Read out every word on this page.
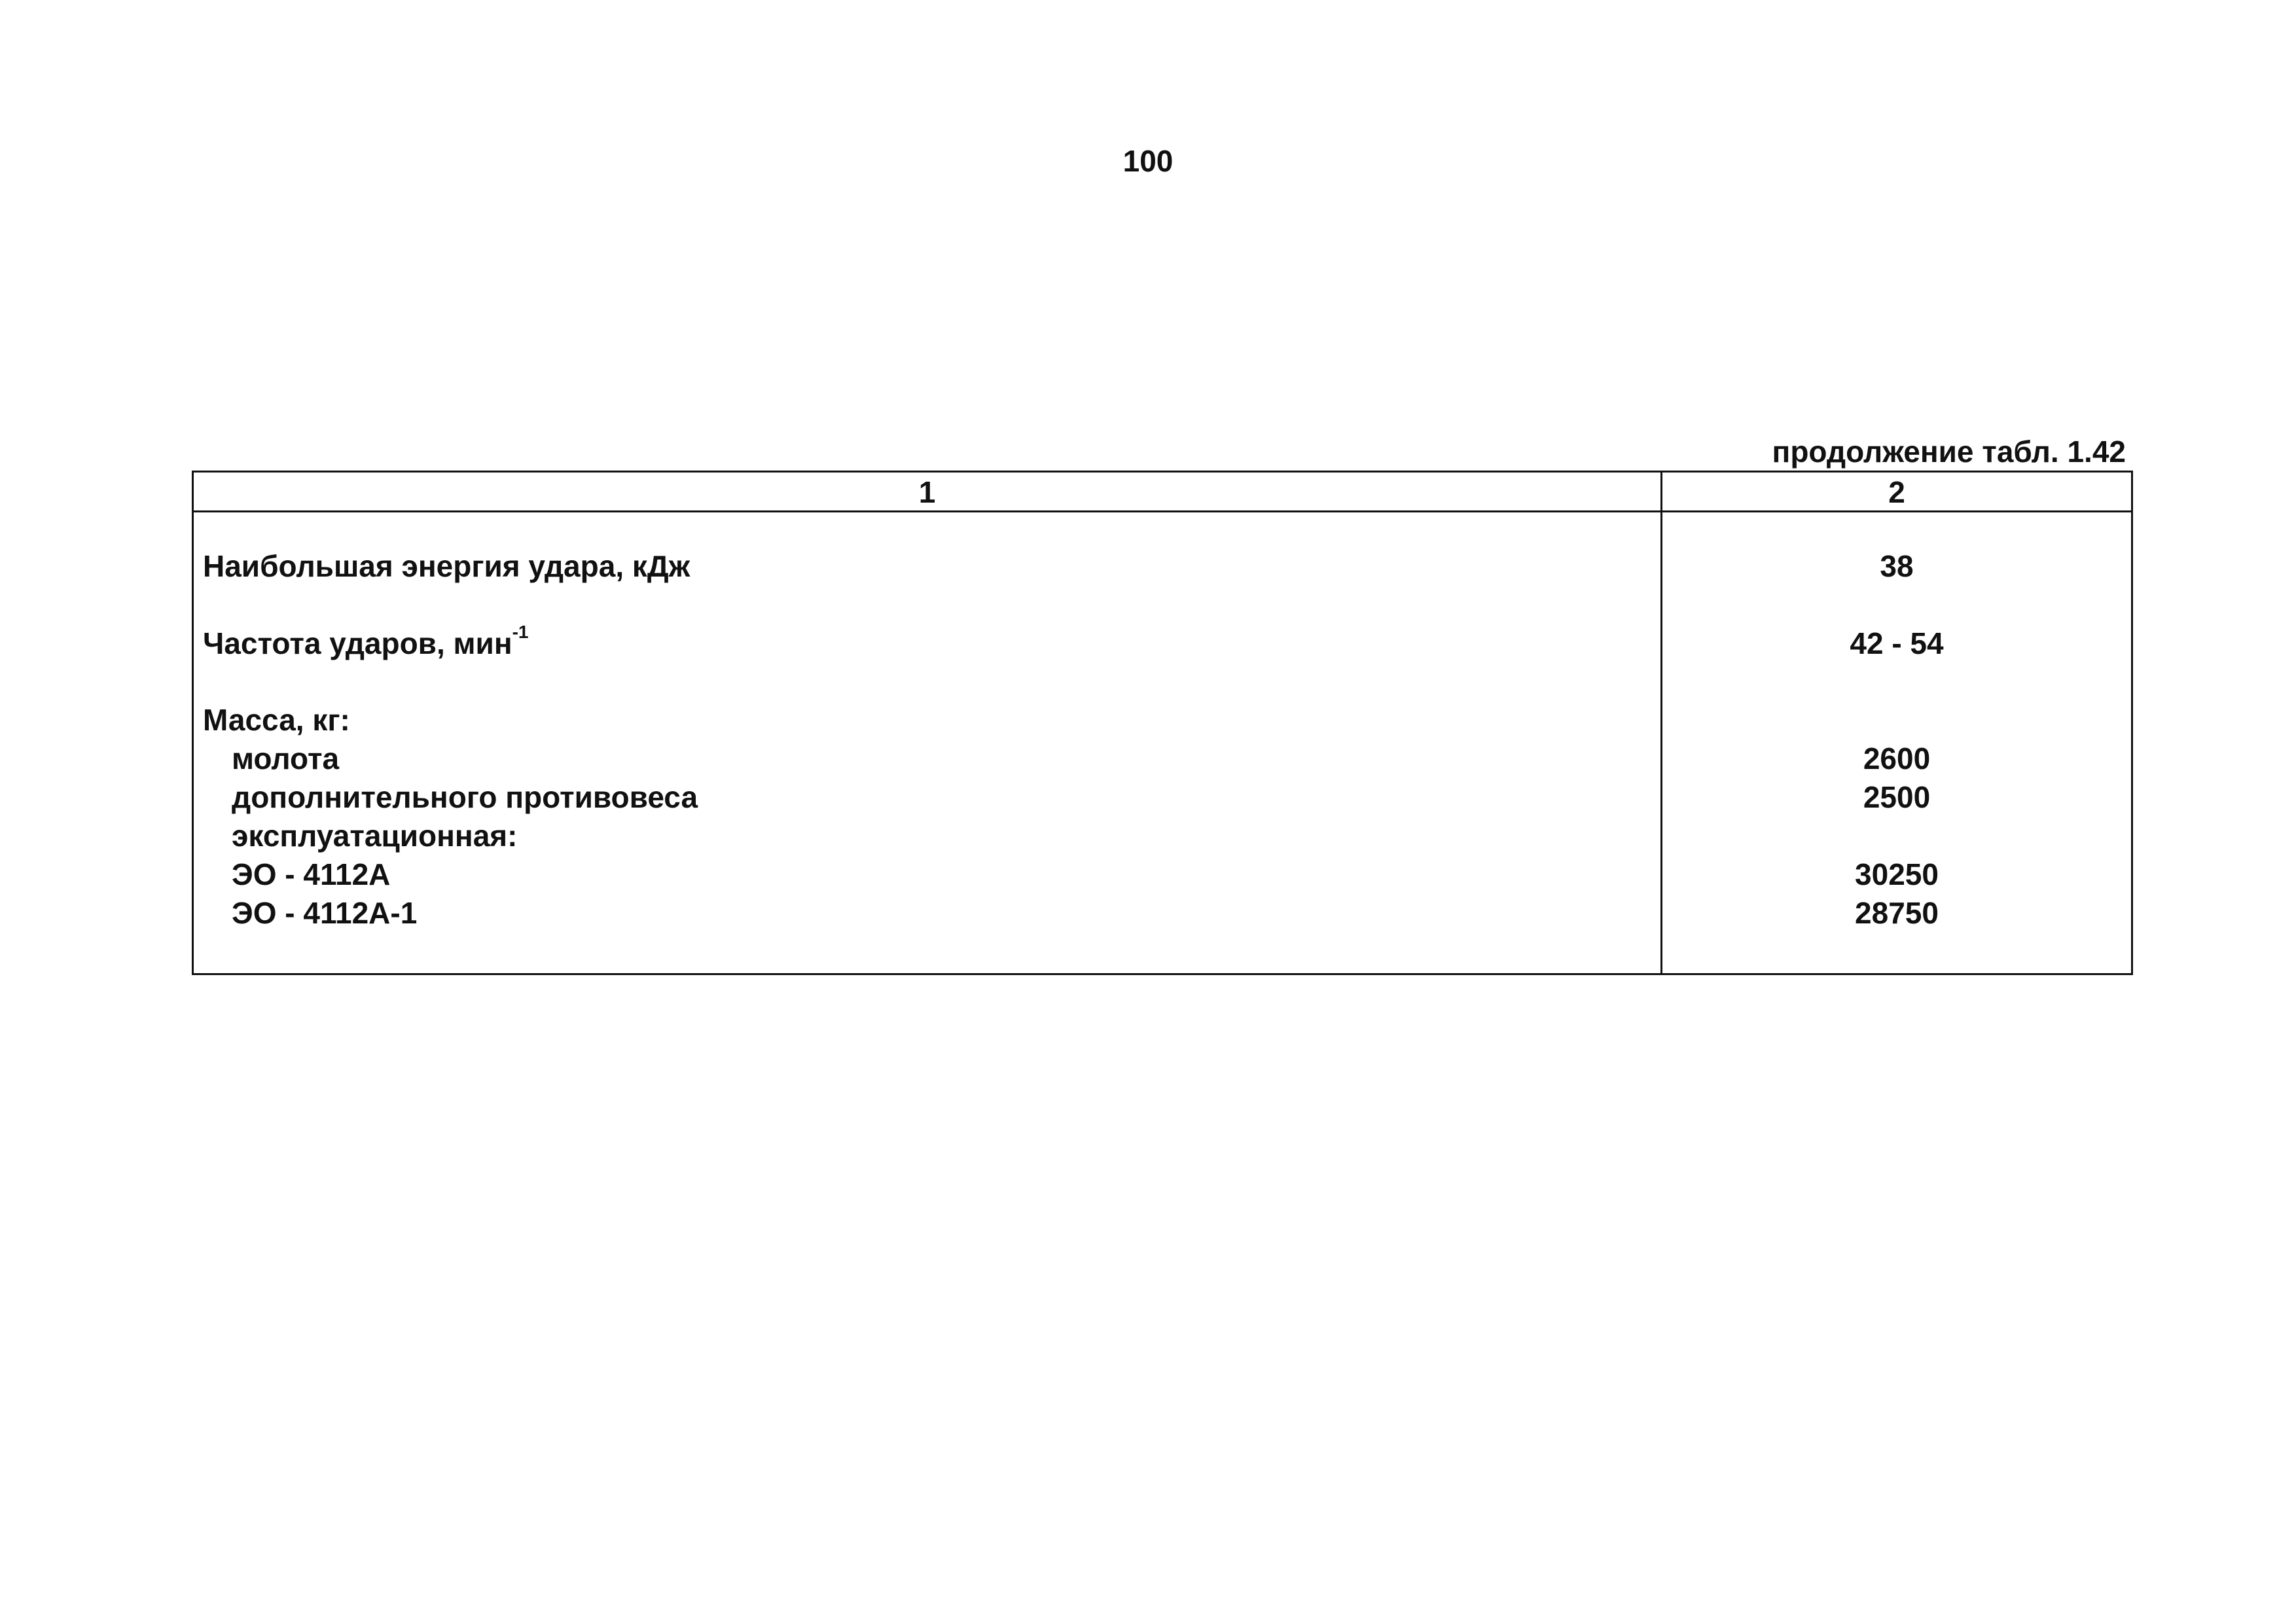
100
продолжение табл. 1.42
1	2
Наибольшая энергия удара, кДж	38
Частота ударов, мин$^{-1}$	42 - 54
Масса, кг:
молота	2600
дополнительного противовеса	2500
эксплуатационная:
ЭО - 4112А	30250
ЭО - 4112А-1	28750
